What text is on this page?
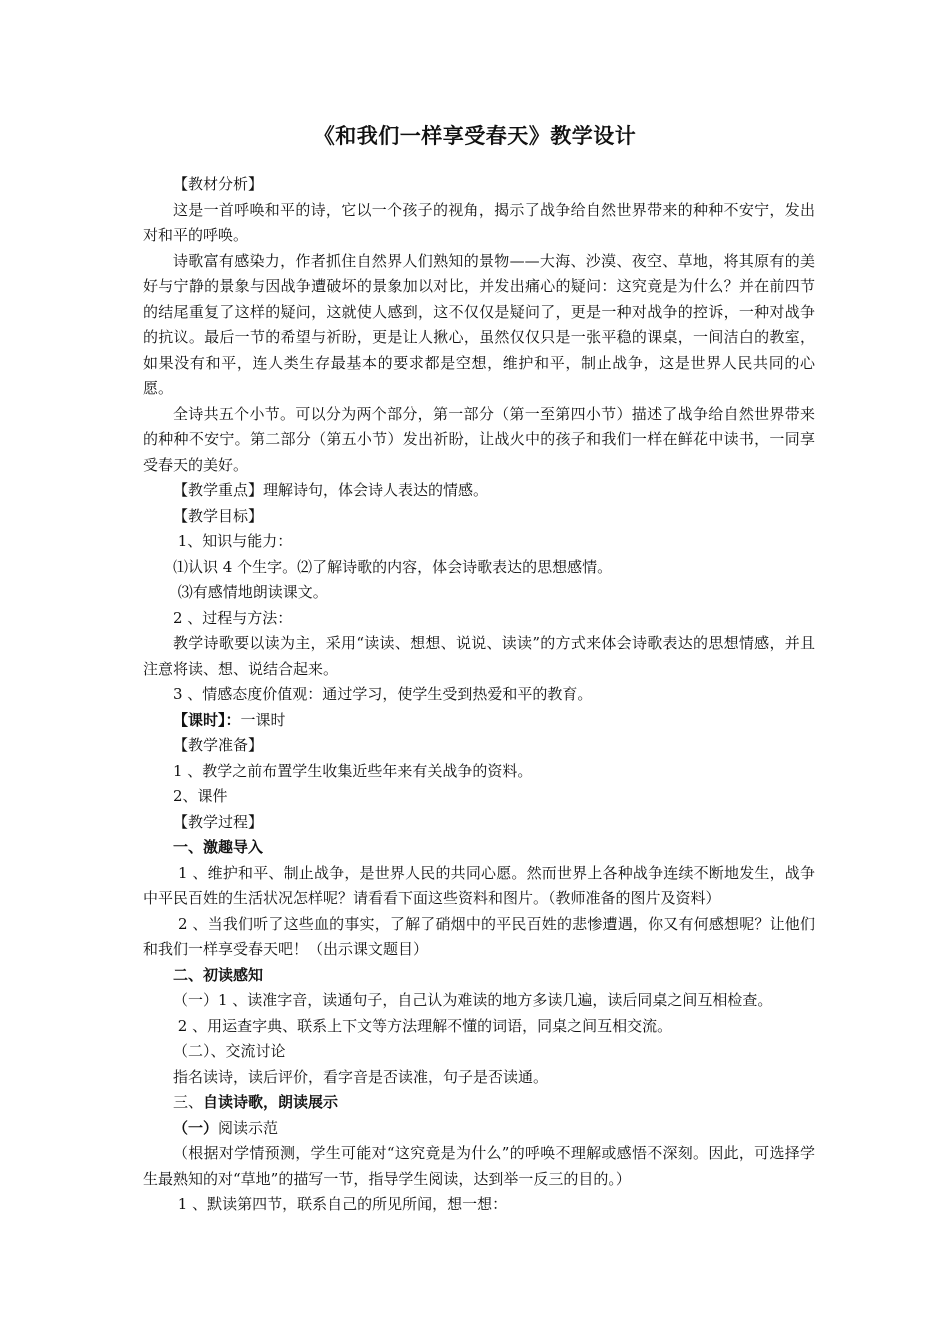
《和我们一样享受春天》教学设计

【教材分析】

这是一首呼唤和平的诗，它以一个孩子的视角，揭示了战争给自然世界带来的种种不安宁，发出对和平的呼唤。

诗歌富有感染力，作者抓住自然界人们熟知的景物——大海、沙漠、夜空、草地，将其原有的美好与宁静的景象与因战争遭破坏的景象加以对比，并发出痛心的疑问：这究竟是为什么？并在前四节的结尾重复了这样的疑问，这就使人感到，这不仅仅是疑问了，更是一种对战争的控诉，一种对战争的抗议。最后一节的希望与祈盼，更是让人揪心，虽然仅仅只是一张平稳的课桌，一间洁白的教室，如果没有和平，连人类生存最基本的要求都是空想，维护和平，制止战争，这是世界人民共同的心愿。

全诗共五个小节。可以分为两个部分，第一部分（第一至第四小节）描述了战争给自然世界带来的种种不安宁。第二部分（第五小节）发出祈盼，让战火中的孩子和我们一样在鲜花中读书，一同享受春天的美好。

【教学重点】理解诗句，体会诗人表达的情感。

【教学目标】

1、知识与能力：

⑴认识 4 个生字。⑵了解诗歌的内容，体会诗歌表达的思想感情。

⑶有感情地朗读课文。

2 、过程与方法：

教学诗歌要以读为主，采用“读读、想想、说说、读读”的方式来体会诗歌表达的思想情感，并且注意将读、想、说结合起来。

3 、情感态度价值观：通过学习，使学生受到热爱和平的教育。

【课时】：一课时

【教学准备】

1 、教学之前布置学生收集近些年来有关战争的资料。

2、课件

【教学过程】

一、激趣导入

1 、维护和平、制止战争，是世界人民的共同心愿。然而世界上各种战争连续不断地发生，战争中平民百姓的生活状况怎样呢？请看看下面这些资料和图片。（教师准备的图片及资料）

2 、当我们听了这些血的事实，了解了硝烟中的平民百姓的悲惨遭遇，你又有何感想呢？让他们和我们一样享受春天吧！（出示课文题目）

二、初读感知

（一）1 、读准字音，读通句子，自己认为难读的地方多读几遍，读后同桌之间互相检查。

2 、用运查字典、联系上下文等方法理解不懂的词语，同桌之间互相交流。

（二）、交流讨论

指名读诗，读后评价，看字音是否读准，句子是否读通。

三、自读诗歌，朗读展示

（一）阅读示范

（根据对学情预测，学生可能对“这究竟是为什么”的呼唤不理解或感悟不深刻。因此，可选择学生最熟知的对“草地”的描写一节，指导学生阅读，达到举一反三的目的。）

1 、默读第四节，联系自己的所见所闻，想一想：
